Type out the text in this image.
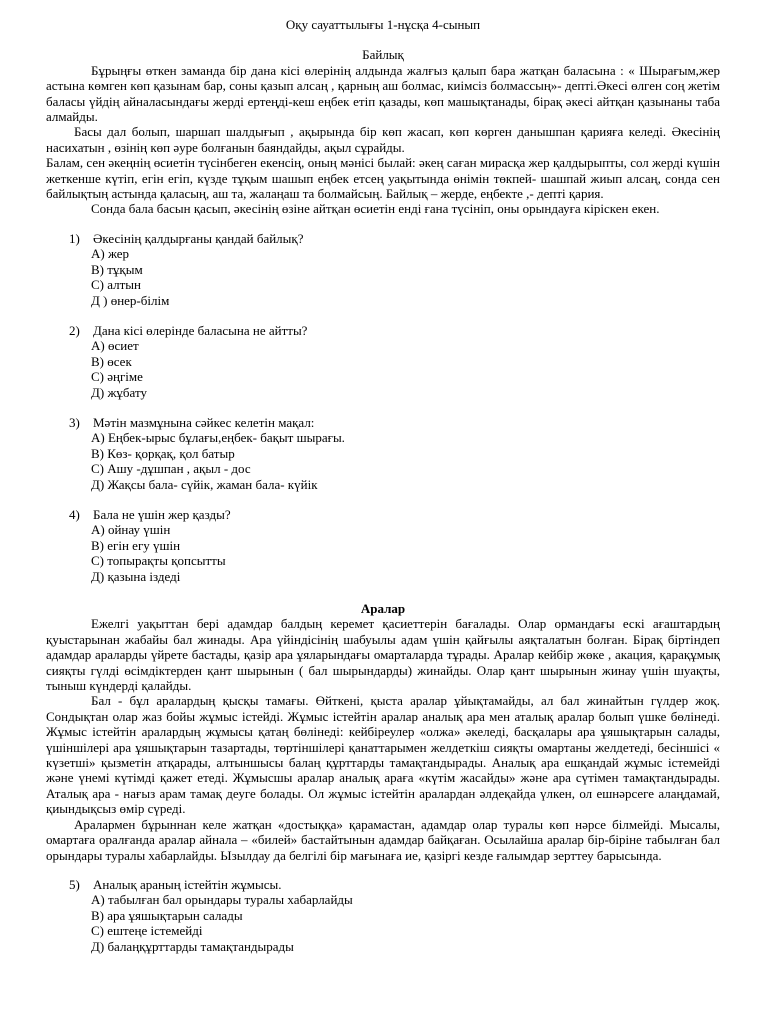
Оқу сауаттылығы 1-нұсқа 4-сынып
Байлық

Бұрыңғы өткен заманда бір дана кісі өлерінің алдында жалғыз қалып бара жатқан баласына : « Шырағым,жер астына көмген көп қазынам бар, соны қазып алсаң , қарның аш болмас, киімсіз болмассың»- депті.Әкесі өлген соң жетім баласы үйдің айналасындағы жерді ертеңді-кеш еңбек етіп қазады, көп машықтанады, бірақ әкесі айтқан қазынаны таба алмайды.

Басы дал болып, шаршап шалдығып , ақырында бір көп жасап, көп көрген данышпан қарияға келеді. Әкесінің насихатын , өзінің көп әуре болғанын баяндайды, ақыл сұрайды.

Балам, сен әкеңнің өсиетін түсінбеген екенсің, оның мәнісі былай: әкең саған мирасқа жер қалдырыпты, сол жерді күшін жеткенше күтіп, егін егіп, күзде тұқым шашып еңбек етсең уақытында өнімін төкпей- шашпай жиып алсаң, сонда сен байлықтың астында қаласың, аш та, жалаңаш та болмайсың. Байлық – жерде, еңбекте ,- депті қария.

Сонда бала басын қасып, әкесінің өзіне айтқан өсиетін енді ғана түсініп, оны орындауға кірiскен екен.

1) Әкесінің қалдырғаны қандай байлық?
А) жер
В) тұқым
С) алтын
Д ) өнер-білім
2) Дана кісі өлерінде баласына не айтты?
А) өсиет
В) өсек
С) әңгіме
Д) жұбату
3) Мәтін мазмұнына сәйкес келетін мақал:
А) Еңбек-ырыс бұлағы,еңбек- бақыт шырағы.
В) Көз- қорқақ, қол батыр
С) Ашу -дұшпан , ақыл - дос
Д) Жақсы бала- сүйік, жаман бала- күйік
4) Бала не үшін жер қазды?
А) ойнау үшін
В) егін егу үшін
С) топырақты қопсытты
Д) қазына іздеді
Аралар

Ежелгі уақыттан бері адамдар балдың керемет қасиеттерін бағалады. Олар ормандағы ескі ағаштардың қуыстарынан жабайы бал жинады. Ара үйіндісінің шабуылы адам үшін қайғылы аяқталатын болған. Бірақ біртіндеп адамдар араларды үйрете бастады, қазір ара ұяларындағы омарталарда тұрады. Аралар кейбір жөке , акация, қарақұмық сияқты гүлді өсімдіктерден қант шырынын ( бал шырындарды) жинайды. Олар қант шырынын жинау үшін шуақты, тыныш күндерді қалайды.

Бал - бұл аралардың қысқы тамағы. Өйткені, қыста аралар ұйықтамайды, ал бал жинайтын гүлдер жоқ. Сондықтан олар жаз бойы жұмыс істейді. Жұмыс істейтін аралар аналық ара мен аталық аралар болып үшке бөлінеді. Жұмыс істейтін аралардың жұмысы қатаң бөлінеді: кейбіреулер «олжа» әкеледі, басқалары ара ұяшықтарын салады, үшіншілері ара ұяшықтарын тазартады, төртіншілері қанаттарымен желдеткіш сияқты омартаны желдетеді, бесіншісі « күзетші» қызметін атқарады, алтыншысы балаң құрттарды тамақтандырады. Аналық ара ешқандай жұмыс істемейді және үнемі күтімді қажет етеді. Жұмысшы аралар аналық араға «күтім жасайды» және ара сүтімен тамақтандырады. Аталық ара - нағыз арам тамақ деуге болады. Ол жұмыс істейтін аралардан әлдеқайда үлкен, ол ешнәрсеге алаңдамай, қиындықсыз өмір сүреді.

Аралармен бұрыннан келе жатқан «достыққа» қарамастан, адамдар олар туралы көп нәрсе білмейді. Мысалы, омартаға оралғанда аралар айнала – «билей» бастайтынын адамдар байқаған. Осылайша аралар бір-біріне табылған бал орындары туралы хабарлайды. Ызылдау да белгілі бір мағынаға ие, қазіргі кезде ғалымдар зерттеу барысында.

5) Аналық араның істейтін жұмысы.
А) табылған бал орындары туралы хабарлайды
В) ара ұяшықтарын салады
С) ештеңе істемейді
Д) балаңқұрттарды тамақтандырады
